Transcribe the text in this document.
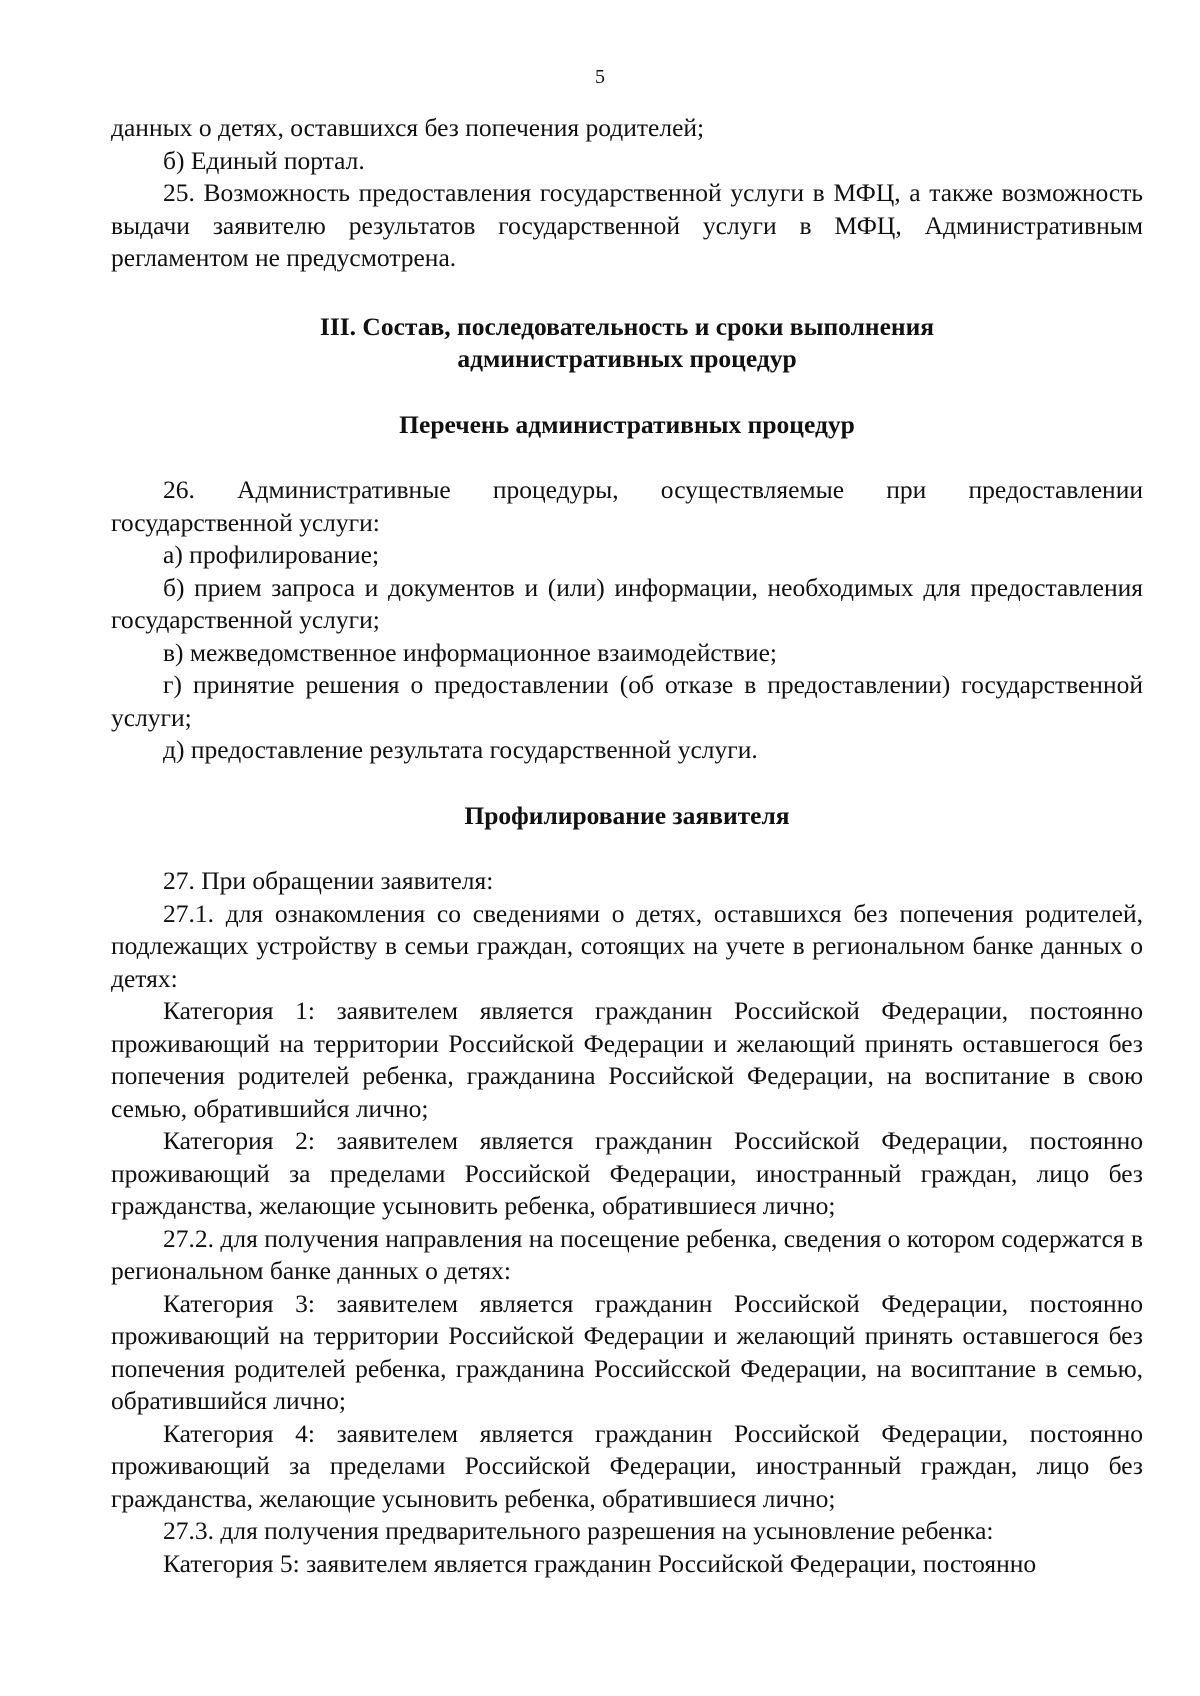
5

данных о детях, оставшихся без попечения родителей;

б) Единый портал.

25. Возможность предоставления государственной услуги в МФЦ, а также возможность выдачи заявителю результатов государственной услуги в МФЦ, Административным регламентом не предусмотрена.

III. Состав, последовательность и сроки выполнения
административных процедур

Перечень административных процедур

26. Административные процедуры, осуществляемые при предоставлении государственной услуги:

а) профилирование;

б) прием запроса и документов и (или) информации, необходимых для предоставления государственной услуги;

в) межведомственное информационное взаимодействие;

г) принятие решения о предоставлении (об отказе в предоставлении) государственной услуги;

д) предоставление результата государственной услуги.

Профилирование заявителя

27. При обращении заявителя:

27.1. для ознакомления со сведениями о детях, оставшихся без попечения родителей, подлежащих устройству в семьи граждан, сотоящих на учете в региональном банке данных о детях:

Категория 1: заявителем является гражданин Российской Федерации, постоянно проживающий на территории Российской Федерации и желающий принять оставшегося без попечения родителей ребенка, гражданина Российской Федерации, на воспитание в свою семью, обратившийся лично;

Категория 2: заявителем является гражданин Российской Федерации, постоянно проживающий за пределами Российской Федерации, иностранный граждан, лицо без гражданства, желающие усыновить ребенка, обратившиеся лично;

27.2. для получения направления на посещение ребенка, сведения о котором содержатся в региональном банке данных о детях:

Категория 3: заявителем является гражданин Российской Федерации, постоянно проживающий на территории Российской Федерации и желающий принять оставшегося без попечения родителей ребенка, гражданина Российсской Федерации, на восиптание в семью, обратившийся лично;

Категория 4: заявителем является гражданин Российской Федерации, постоянно проживающий за пределами Российской Федерации, иностранный граждан, лицо без гражданства, желающие усыновить ребенка, обратившиеся лично;

27.3. для получения предварительного разрешения на усыновление ребенка:

Категория 5: заявителем является гражданин Российской Федерации, постоянно
